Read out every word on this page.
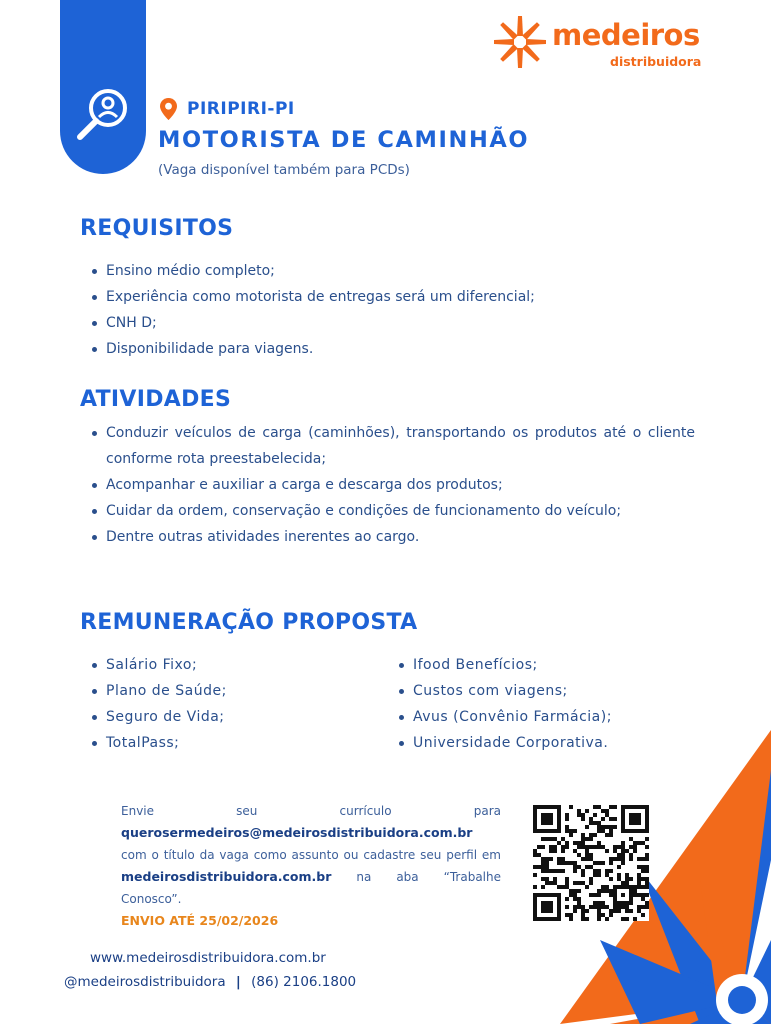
medeiros
distribuidora
PIRIPIRI-PI
MOTORISTA DE CAMINHÃO
(Vaga disponível também para PCDs)
REQUISITOS
Ensino médio completo;
Experiência como motorista de entregas será um diferencial;
CNH D;
Disponibilidade para viagens.
ATIVIDADES
Conduzir veículos de carga (caminhões), transportando os produtos até o cliente conforme rota preestabelecida;
Acompanhar e auxiliar a carga e descarga dos produtos;
Cuidar da ordem, conservação e condições de funcionamento do veículo;
Dentre outras atividades inerentes ao cargo.
REMUNERAÇÃO PROPOSTA
Salário Fixo;
Plano de Saúde;
Seguro de Vida;
TotalPass;
Ifood Benefícios;
Custos com viagens;
Avus (Convênio Farmácia);
Universidade Corporativa.
Envie	seu	currículo	para
querosermedeiros@medeirosdistribuidora.com.br
com o título da vaga como assunto ou cadastre seu perfil em medeirosdistribuidora.com.br na aba “Trabalhe Conosco”.
ENVIO ATÉ 25/02/2026
www.medeirosdistribuidora.com.br
@medeirosdistribuidora | (86) 2106.1800
